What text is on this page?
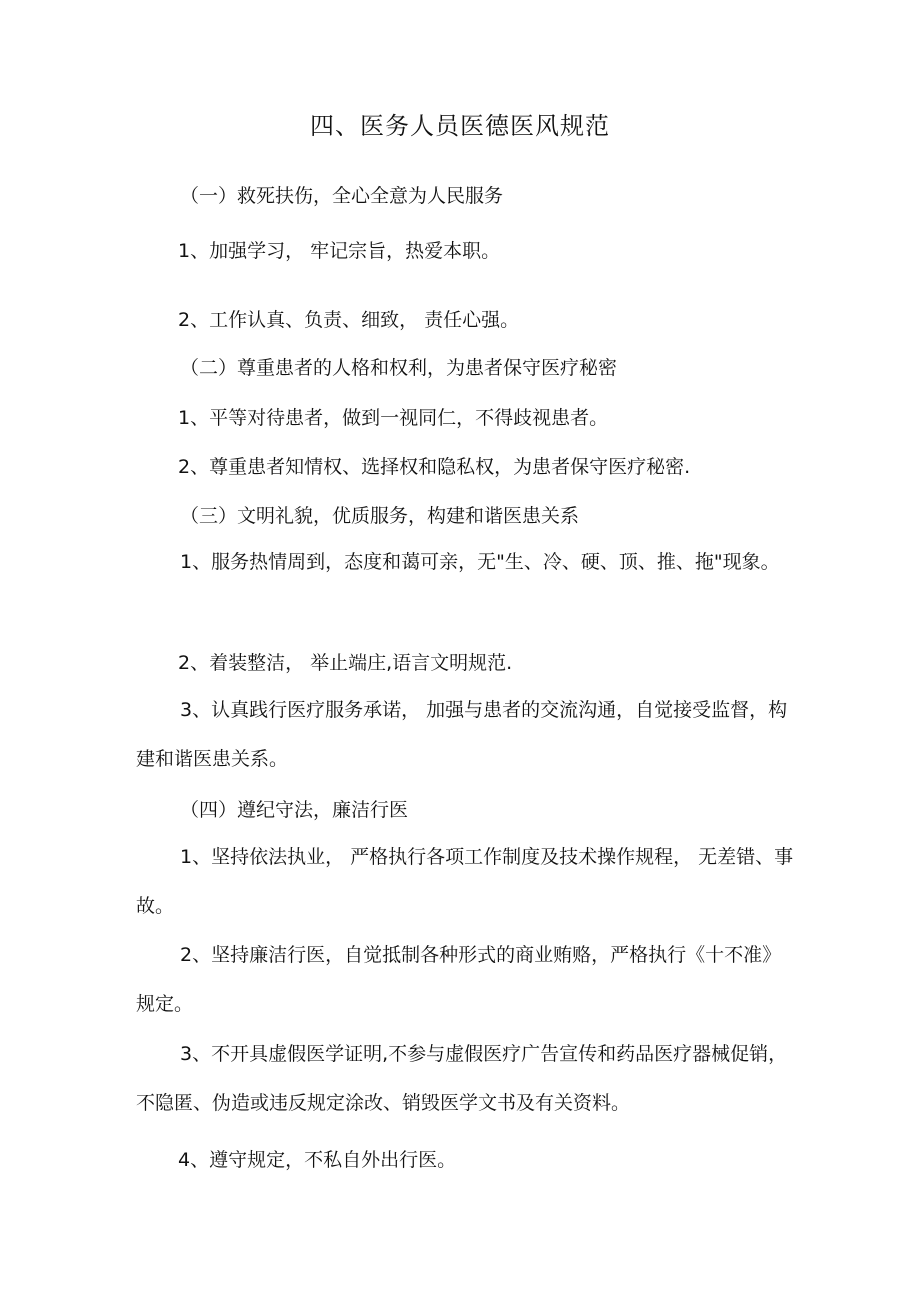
四、医务人员医德医风规范

（一）救死扶伤，全心全意为人民服务

1、加强学习， 牢记宗旨，热爱本职。

2、工作认真、负责、细致， 责任心强。

（二）尊重患者的人格和权利，为患者保守医疗秘密

1、平等对待患者，做到一视同仁，不得歧视患者。

2、尊重患者知情权、选择权和隐私权，为患者保守医疗秘密.

（三）文明礼貌，优质服务，构建和谐医患关系

1、服务热情周到，态度和蔼可亲，无"生、冷、硬、顶、推、拖"现象。

2、着装整洁， 举止端庄,语言文明规范.

3、认真践行医疗服务承诺， 加强与患者的交流沟通，自觉接受监督，构建和谐医患关系。

（四）遵纪守法，廉洁行医

1、坚持依法执业， 严格执行各项工作制度及技术操作规程， 无差错、事故。

2、坚持廉洁行医，自觉抵制各种形式的商业贿赂，严格执行《十不准》规定。

3、不开具虚假医学证明,不参与虚假医疗广告宣传和药品医疗器械促销，不隐匿、伪造或违反规定涂改、销毁医学文书及有关资料。

4、遵守规定，不私自外出行医。
